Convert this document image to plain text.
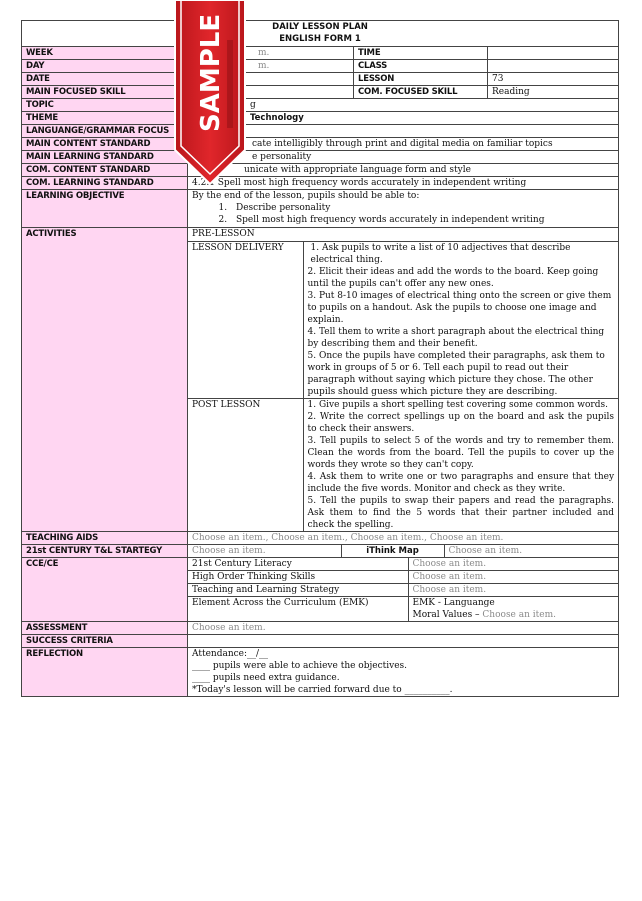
DAILY LESSON PLAN
ENGLISH FORM 1

WEEK	m.	TIME	
DAY	m.	CLASS	
DATE		LESSON	73
MAIN FOCUSED SKILL		COM. FOCUSED SKILL	Reading
TOPIC	g
THEME	Technology
LANGUANGE/GRAMMAR FOCUS	
MAIN CONTENT STANDARD	cate intelligibly through print and digital media on familiar topics
MAIN LEARNING STANDARD	e personality
COM. CONTENT STANDARD	unicate with appropriate language form and style
COM. LEARNING STANDARD	4.2.1 Spell most high frequency words accurately in independent writing
LEARNING OBJECTIVE	By the end of the lesson, pupils should be able to:
1. Describe personality
2. Spell most high frequency words accurately in independent writing

ACTIVITIES		PRE-LESSON
LESSON DELIVERY	1. Ask pupils to write a list of 10 adjectives that describe electrical thing.
2. Elicit their ideas and add the words to the board. Keep going until the pupils can't offer any new ones.
3. Put 8-10 images of electrical thing onto the screen or give them to pupils on a handout. Ask the pupils to choose one image and explain.
4. Tell them to write a short paragraph about the electrical thing by describing them and their benefit.
5. Once the pupils have completed their paragraphs, ask them to work in groups of 5 or 6. Tell each pupil to read out their paragraph without saying which picture they chose. The other pupils should guess which picture they are describing.

POST LESSON	1. Give pupils a short spelling test covering some common words.
2. Write the correct spellings up on the board and ask the pupils to check their answers.
3. Tell pupils to select 5 of the words and try to remember them. Clean the words from the board. Tell the pupils to cover up the words they wrote so they can't copy.
4. Ask them to write one or two paragraphs and ensure that they include the five words. Monitor and check as they write.
5. Tell the pupils to swap their papers and read the paragraphs. Ask them to find the 5 words that their partner included and check the spelling.

TEACHING AIDS	Choose an item., Choose an item., Choose an item., Choose an item.
21st CENTURY T&L STARTEGY		Choose an item.	iThink Map	Choose an item.

CCE/CE		21st Century Literacy	Choose an item.
High Order Thinking Skills	Choose an item.
Teaching and Learning Strategy	Choose an item.
Element Across the Curriculum (EMK)	EMK - Languange
Moral Values – Choose an item.

ASSESSMENT	Choose an item.
SUCCESS CRITERIA	
REFLECTION	Attendance:__/__
____ pupils were able to achieve the objectives.
____ pupils need extra guidance.
*Today's lesson will be carried forward due to __________.
SAMPLE
